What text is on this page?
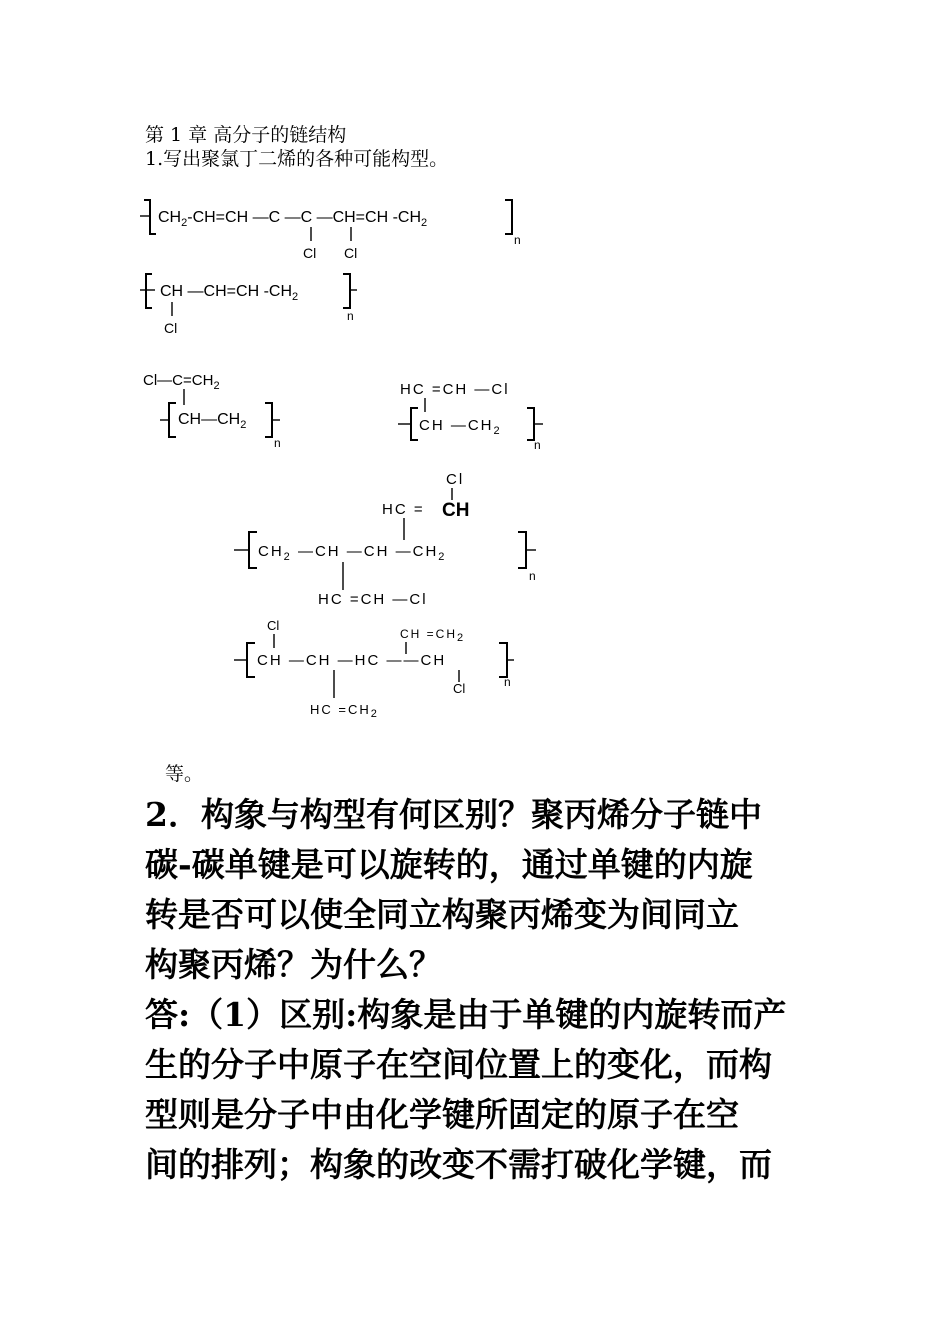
第 1 章 高分子的链结构
1.写出聚氯丁二烯的各种可能构型。
$CH_2-CH=CH$ —C —C —CH=CH $-CH_2$
n
Cl Cl
CH —CH=CH $-CH_2$
n
Cl
$Cl—C=CH_2$
$CH—CH_2$
n
HC =CH —Cl
CH $—CH_2$
n
Cl
HC = CH
$CH_2$ —CH —CH $—CH_2$
n
HC =CH —Cl
Cl
CH =CH2
CH —CH —HC ——CH
n
Cl
HC $=CH_2$
等。
2．构象与构型有何区别？聚丙烯分子链中
碳-碳单键是可以旋转的，通过单键的内旋
转是否可以使全同立构聚丙烯变为间同立
构聚丙烯？为什么？
答:（1）区别:构象是由于单键的内旋转而产
生的分子中原子在空间位置上的变化，而构
型则是分子中由化学键所固定的原子在空
间的排列；构象的改变不需打破化学键，而
